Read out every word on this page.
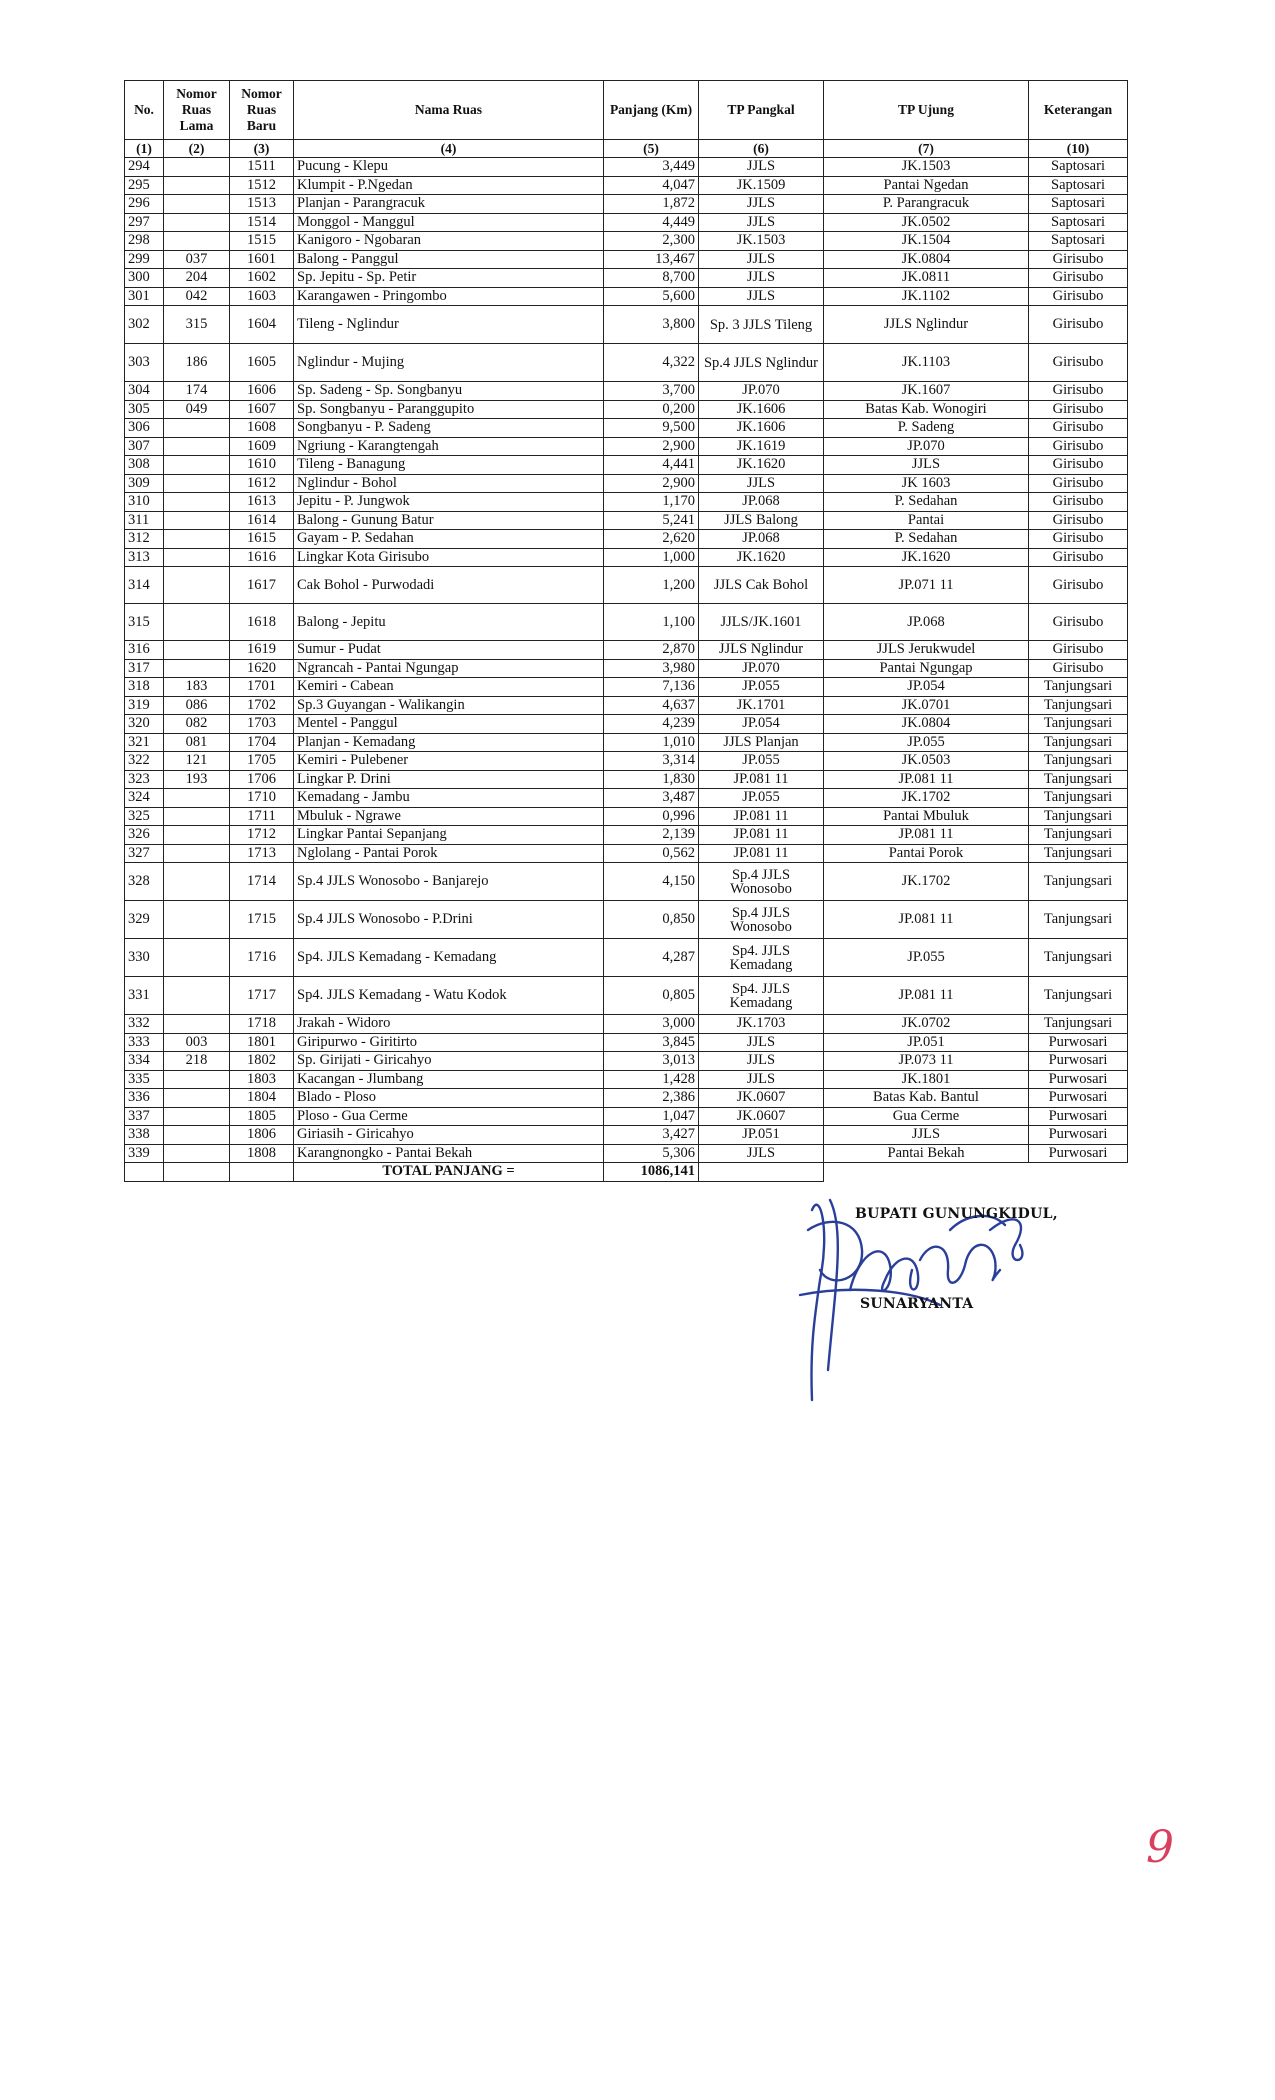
No.	Nomor Ruas Lama	Nomor Ruas Baru	Nama Ruas	Panjang (Km)	TP Pangkal	TP Ujung	Keterangan
(1)	(2)	(3)	(4)	(5)	(6)	(7)	(10)
294		1511	Pucung - Klepu	3,449	JJLS	JK.1503	Saptosari
295		1512	Klumpit - P.Ngedan	4,047	JK.1509	Pantai Ngedan	Saptosari
296		1513	Planjan - Parangracuk	1,872	JJLS	P. Parangracuk	Saptosari
297		1514	Monggol - Manggul	4,449	JJLS	JK.0502	Saptosari
298		1515	Kanigoro - Ngobaran	2,300	JK.1503	JK.1504	Saptosari
299	037	1601	Balong - Panggul	13,467	JJLS	JK.0804	Girisubo
300	204	1602	Sp. Jepitu - Sp. Petir	8,700	JJLS	JK.0811	Girisubo
301	042	1603	Karangawen - Pringombo	5,600	JJLS	JK.1102	Girisubo
302	315	1604	Tileng - Nglindur	3,800	Sp. 3 JJLS Tileng	JJLS Nglindur	Girisubo
303	186	1605	Nglindur - Mujing	4,322	Sp.4 JJLS Nglindur	JK.1103	Girisubo
304	174	1606	Sp. Sadeng - Sp. Songbanyu	3,700	JP.070	JK.1607	Girisubo
305	049	1607	Sp. Songbanyu - Paranggupito	0,200	JK.1606	Batas Kab. Wonogiri	Girisubo
306		1608	Songbanyu - P. Sadeng	9,500	JK.1606	P. Sadeng	Girisubo
307		1609	Ngriung - Karangtengah	2,900	JK.1619	JP.070	Girisubo
308		1610	Tileng - Banagung	4,441	JK.1620	JJLS	Girisubo
309		1612	Nglindur - Bohol	2,900	JJLS	JK 1603	Girisubo
310		1613	Jepitu - P. Jungwok	1,170	JP.068	P. Sedahan	Girisubo
311		1614	Balong - Gunung Batur	5,241	JJLS Balong	Pantai	Girisubo
312		1615	Gayam - P. Sedahan	2,620	JP.068	P. Sedahan	Girisubo
313		1616	Lingkar Kota Girisubo	1,000	JK.1620	JK.1620	Girisubo
314		1617	Cak Bohol - Purwodadi	1,200	JJLS Cak Bohol	JP.071 11	Girisubo
315		1618	Balong - Jepitu	1,100	JJLS/JK.1601	JP.068	Girisubo
316		1619	Sumur - Pudat	2,870	JJLS Nglindur	JJLS Jerukwudel	Girisubo
317		1620	Ngrancah - Pantai Ngungap	3,980	JP.070	Pantai Ngungap	Girisubo
318	183	1701	Kemiri - Cabean	7,136	JP.055	JP.054	Tanjungsari
319	086	1702	Sp.3 Guyangan - Walikangin	4,637	JK.1701	JK.0701	Tanjungsari
320	082	1703	Mentel - Panggul	4,239	JP.054	JK.0804	Tanjungsari
321	081	1704	Planjan - Kemadang	1,010	JJLS Planjan	JP.055	Tanjungsari
322	121	1705	Kemiri - Pulebener	3,314	JP.055	JK.0503	Tanjungsari
323	193	1706	Lingkar P. Drini	1,830	JP.081 11	JP.081 11	Tanjungsari
324		1710	Kemadang - Jambu	3,487	JP.055	JK.1702	Tanjungsari
325		1711	Mbuluk - Ngrawe	0,996	JP.081 11	Pantai Mbuluk	Tanjungsari
326		1712	Lingkar Pantai Sepanjang	2,139	JP.081 11	JP.081 11	Tanjungsari
327		1713	Nglolang - Pantai Porok	0,562	JP.081 11	Pantai Porok	Tanjungsari
328		1714	Sp.4 JJLS Wonosobo - Banjarejo	4,150	Sp.4 JJLS Wonosobo	JK.1702	Tanjungsari
329		1715	Sp.4 JJLS Wonosobo - P.Drini	0,850	Sp.4 JJLS Wonosobo	JP.081 11	Tanjungsari
330		1716	Sp4. JJLS Kemadang - Kemadang	4,287	Sp4. JJLS Kemadang	JP.055	Tanjungsari
331		1717	Sp4. JJLS Kemadang - Watu Kodok	0,805	Sp4. JJLS Kemadang	JP.081 11	Tanjungsari
332		1718	Jrakah - Widoro	3,000	JK.1703	JK.0702	Tanjungsari
333	003	1801	Giripurwo - Giritirto	3,845	JJLS	JP.051	Purwosari
334	218	1802	Sp. Girijati - Giricahyo	3,013	JJLS	JP.073 11	Purwosari
335		1803	Kacangan - Jlumbang	1,428	JJLS	JK.1801	Purwosari
336		1804	Blado - Ploso	2,386	JK.0607	Batas Kab. Bantul	Purwosari
337		1805	Ploso - Gua Cerme	1,047	JK.0607	Gua Cerme	Purwosari
338		1806	Giriasih - Giricahyo	3,427	JP.051	JJLS	Purwosari
339		1808	Karangnongko - Pantai Bekah	5,306	JJLS	Pantai Bekah	Purwosari
			TOTAL PANJANG =	1086,141			
BUPATI GUNUNGKIDUL,
SUNARYANTA
9
